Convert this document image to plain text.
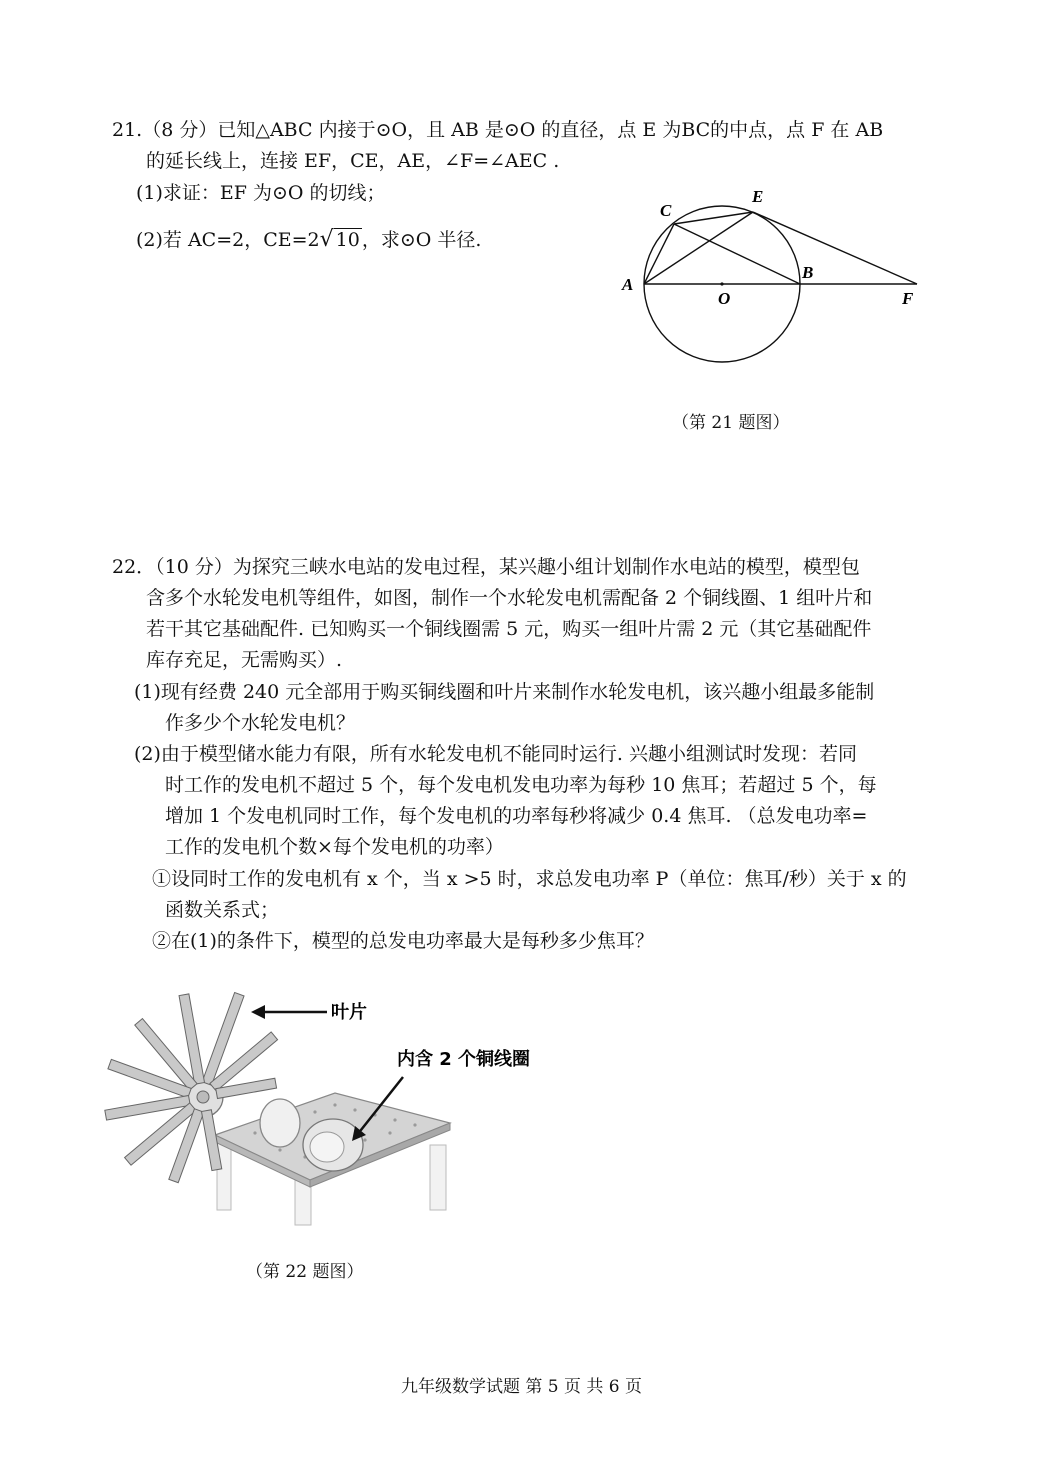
21.（8 分）已知△ABC 内接于⊙O，且 AB 是⊙O 的直径，点 E 为BC的中点，点 F 在 AB
的延长线上，连接 EF，CE，AE，∠F=∠AEC .
(1)求证：EF 为⊙O 的切线；
(2)若 AC=2，CE=2√ 10 ，求⊙O 半径.
A
C
E
B
O	F
（第 21 题图）
22．（10 分）为探究三峡水电站的发电过程，某兴趣小组计划制作水电站的模型，模型包
含多个水轮发电机等组件，如图，制作一个水轮发电机需配备 2 个铜线圈、1 组叶片和
若干其它基础配件. 已知购买一个铜线圈需 5 元，购买一组叶片需 2 元（其它基础配件
库存充足，无需购买）.
(1)现有经费 240 元全部用于购买铜线圈和叶片来制作水轮发电机，该兴趣小组最多能制
作多少个水轮发电机？
(2)由于模型储水能力有限，所有水轮发电机不能同时运行. 兴趣小组测试时发现：若同
时工作的发电机不超过 5 个，每个发电机发电功率为每秒 10 焦耳；若超过 5 个，每
增加 1 个发电机同时工作，每个发电机的功率每秒将减少 0.4 焦耳. （总发电功率=
工作的发电机个数×每个发电机的功率）
①设同时工作的发电机有 x 个，当 x >5 时，求总发电功率 P（单位：焦耳/秒）关于 x 的
函数关系式；
②在(1)的条件下，模型的总发电功率最大是每秒多少焦耳？
叶片
内含 2 个铜线圈
（第 22 题图）
九年级数学试题 第 5 页 共 6 页
